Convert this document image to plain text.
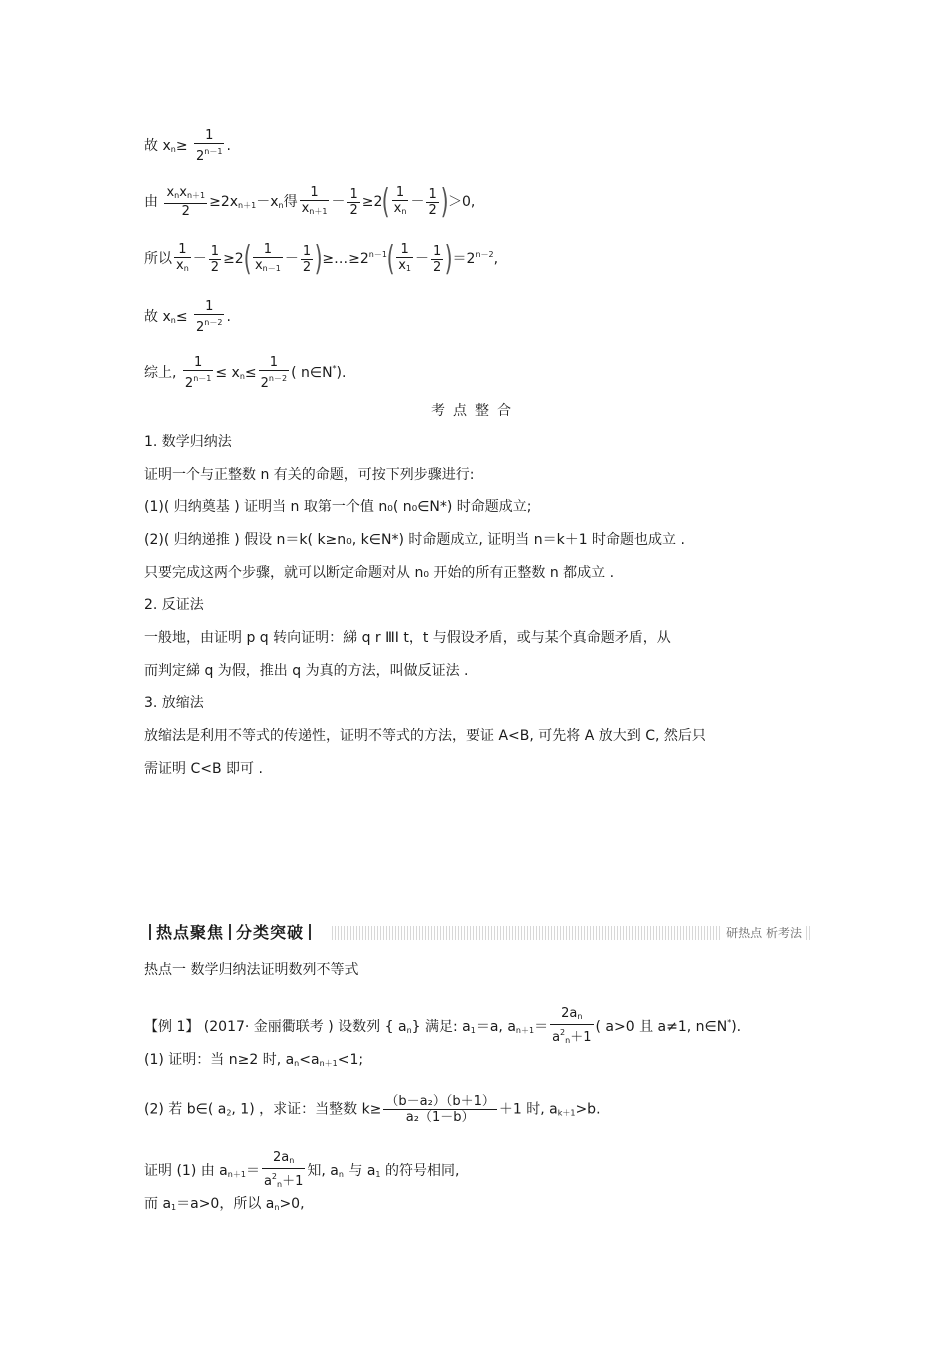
故 $x_n\ge \frac{1}{2^{n-1}}$ .
由 $\frac{x_nx_{n+1}}{2} \ge 2x_{n+1}-x_n$得 $\frac{1}{x_{n+1}} - \frac{1}{2} \ge 2( \frac{1}{x_n} - \frac{1}{2} )>0$,
所以 $\frac{1}{x_n} - \frac{1}{2} \ge 2( \frac{1}{x_{n-1}} - \frac{1}{2}$ )$\ge\dots\ge 2^{n-1}( \frac{1}{x_1} - \frac{1}{2} )=2^{n-2}$,
故 $x_n\le \frac{1}{2^{n-2}}$ .
综上, $\frac{1}{2^{n-1}} \le x_n\le \frac{1}{2^{n-2}}$ ( n∈N*).
考点整合
1. 数学归纳法
证明一个与正整数 n 有关的命题，可按下列步骤进行:
(1)( 归纳奠基 ) 证明当 n 取第一个值 n₀( n₀∈N*) 时命题成立;
(2)( 归纳递推 ) 假设 n＝k( k≥n₀, k∈N*) 时命题成立, 证明当 n＝k＋1 时命题也成立 .
只要完成这两个步骤，就可以断定命题对从 n₀ 开始的所有正整数 n 都成立 .
2. 反证法
一般地，由证明 p q 转向证明：綈 q r ⅢⅠ t，t 与假设矛盾，或与某个真命题矛盾，从
而判定綈 q 为假，推出 q 为真的方法，叫做反证法 .
3. 放缩法
放缩法是利用不等式的传递性，证明不等式的方法，要证 A<B, 可先将 A 放大到 C, 然后只
需证明 C<B 即可 .
热点聚焦 分类突破	研热点 析考法
热点一 数学归纳法证明数列不等式
【例 1】 (2017· 金丽衢联考 ) 设数列 { $a_n$} 满足: $a_1=a$, $a_{n+1}= \frac{2a_n}{a^2_n+1}$ ( a>0 且 a≠1, n∈N*).
(1) 证明：当 n≥2 时, $a_n<a_{n+1}<1$;
(2) 若 b∈( $a_2$, 1) ，求证：当整数 $k\ge \frac{\text{（b－a₂）（b＋1）}}{\text{a₂（1－b）}} +1$ 时, $a_{k+1}>b$.
证明 (1) 由 $a_{n+1}= \frac{2a_n}{a^2_n+1}$ 知, $a_n$ 与 $a_1$ 的符号相同,
而 $a_1=a>0$，所以 $a_n>0$,
